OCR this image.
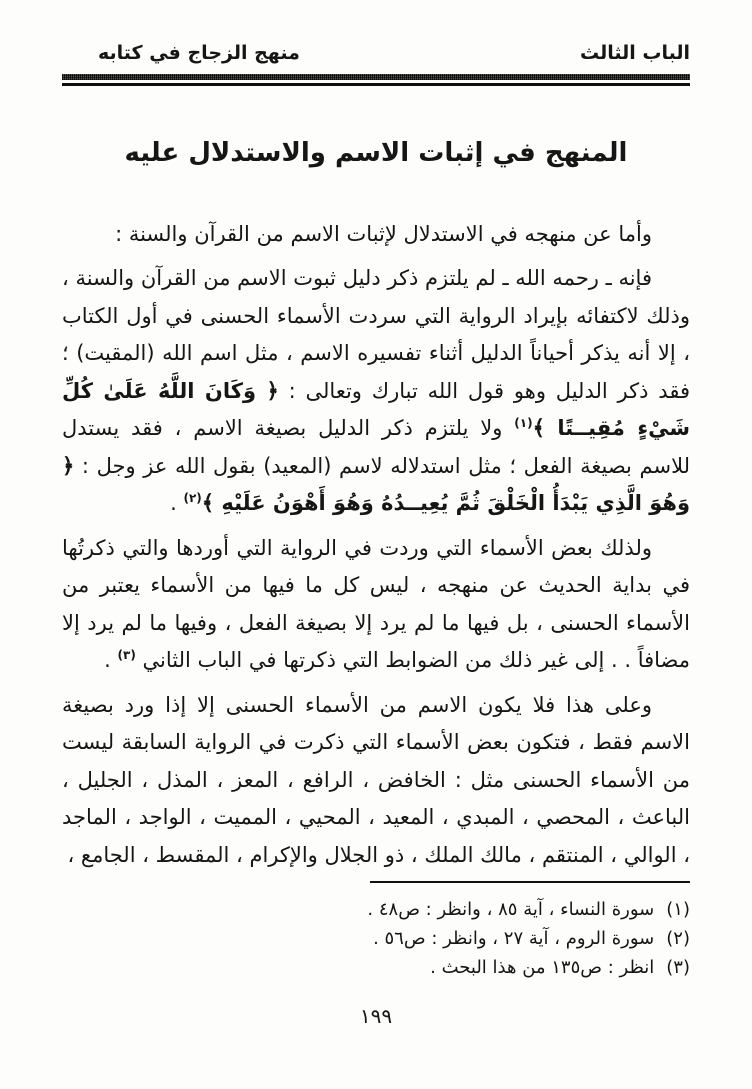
الباب الثالث
منهج الزجاج في كتابه
المنهج في إثبات الاسم والاستدلال عليه

وأما عن منهجه في الاستدلال لإثبات الاسم من القرآن والسنة :

فإنه ـ رحمه الله ـ لم يلتزم ذكر دليل ثبوت الاسم من القرآن والسنة ، وذلك لاكتفائه بإيراد الرواية التي سردت الأسماء الحسنى في أول الكتاب ، إلا أنه يذكر أحياناً الدليل أثناء تفسيره الاسم ، مثل اسم الله (المقيت) ؛ فقد ذكر الدليل وهو قول الله تبارك وتعالى : ﴿ وَكَانَ اللَّهُ عَلَىٰ كُلِّ شَيْءٍ مُقِيــتًا ﴾$^{(١)}$ ولا يلتزم ذكر الدليل بصيغة الاسم ، فقد يستدل للاسم بصيغة الفعل ؛ مثل استدلاله لاسم (المعيد) بقول الله عز وجل : ﴿ وَهُوَ الَّذِي يَبْدَأُ الْخَلْقَ ثُمَّ يُعِيــدُهُ وَهُوَ أَهْوَنُ عَلَيْهِ ﴾$^{(٢)}$ .

ولذلك بعض الأسماء التي وردت في الرواية التي أوردها والتي ذكرتُها في بداية الحديث عن منهجه ، ليس كل ما فيها من الأسماء يعتبر من الأسماء الحسنى ، بل فيها ما لم يرد إلا بصيغة الفعل ، وفيها ما لم يرد إلا مضافاً . . إلى غير ذلك من الضوابط التي ذكرتها في الباب الثاني $^{(٣)}$ .

وعلى هذا فلا يكون الاسم من الأسماء الحسنى إلا إذا ورد بصيغة الاسم فقط ، فتكون بعض الأسماء التي ذكرت في الرواية السابقة ليست من الأسماء الحسنى مثل : الخافض ، الرافع ، المعز ، المذل ، الجليل ، الباعث ، المحصي ، المبدي ، المعيد ، المحيي ، المميت ، الواجد ، الماجد ، الوالي ، المنتقم ، مالك الملك ، ذو الجلال والإكرام ، المقسط ، الجامع ،

(١)
سورة النساء ، آية ٨٥ ، وانظر : ص٤٨ .
(٢)
سورة الروم ، آية ٢٧ ، وانظر : ص٥٦ .
(٣)
انظر : ص١٣٥ من هذا البحث .
١٩٩
